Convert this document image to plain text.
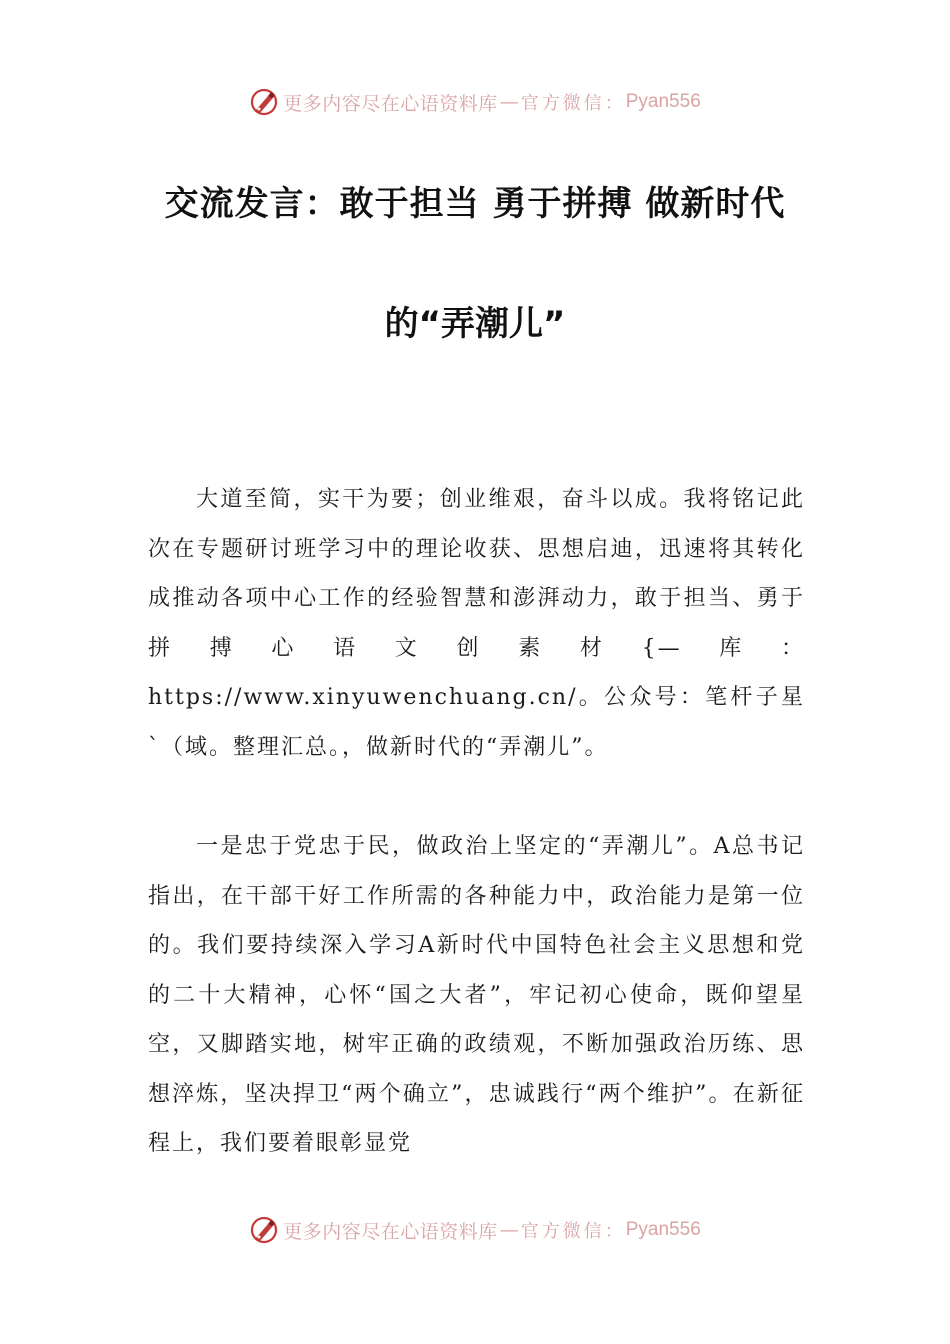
更多内容尽在心语资料库 — 官方微信： Pyan556
交流发言：敢于担当 勇于拼搏 做新时代
的“弄潮儿”

大道至简，实干为要；创业维艰，奋斗以成。我将铭记此次在专题研讨班学习中的理论收获、思想启迪，迅速将其转化成推动各项中心工作的经验智慧和澎湃动力，敢于担当、勇于拼搏心语文创素材{—库：https://www.xinyuwenchuang.cn/。公众号：笔杆子星`（域。整理汇总。，做新时代的“弄潮儿”。

一是忠于党忠于民，做政治上坚定的“弄潮儿”。A总书记指出，在干部干好工作所需的各种能力中，政治能力是第一位的。我们要持续深入学习A新时代中国特色社会主义思想和党的二十大精神，心怀“国之大者”，牢记初心使命，既仰望星空，又脚踏实地，树牢正确的政绩观，不断加强政治历练、思想淬炼，坚决捍卫“两个确立”，忠诚践行“两个维护”。在新征程上，我们要着眼彰显党

更多内容尽在心语资料库 — 官方微信： Pyan556
